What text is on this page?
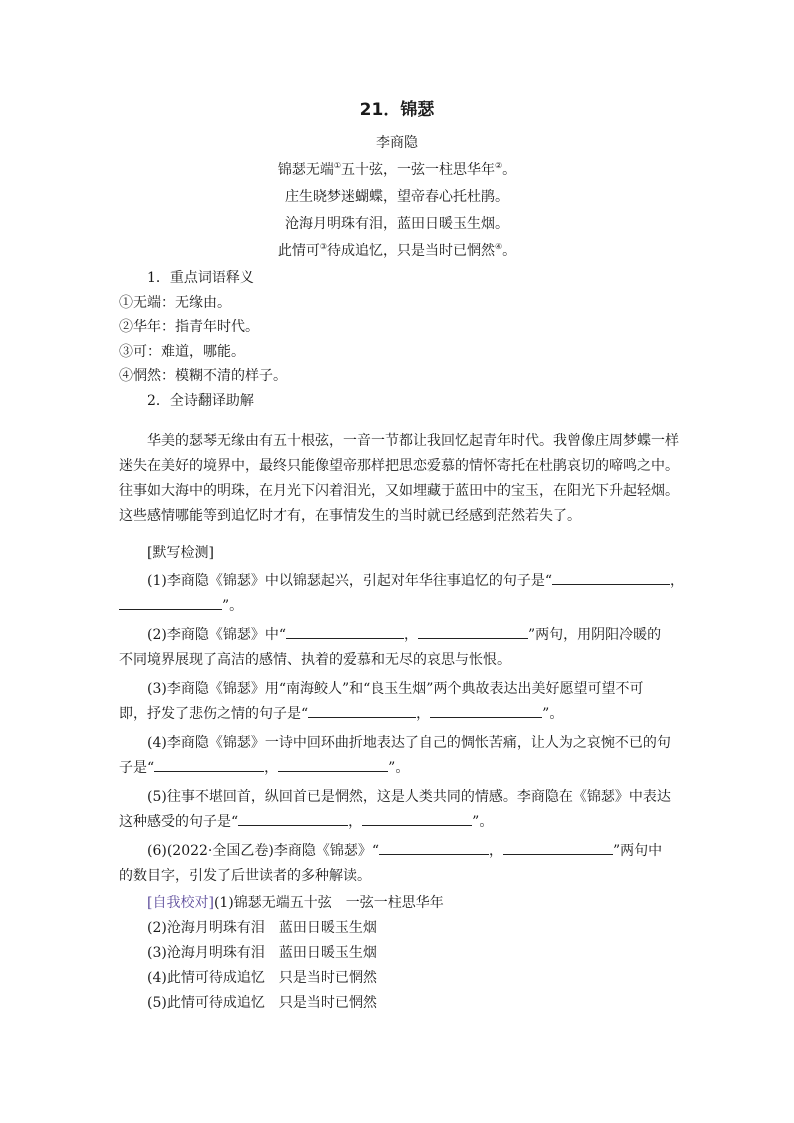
21．锦瑟
李商隐
锦瑟无端①五十弦，一弦一柱思华年②。
庄生晓梦迷蝴蝶，望帝春心托杜鹃。
沧海月明珠有泪，蓝田日暖玉生烟。
此情可③待成追忆，只是当时已惘然④。
1．重点词语释义
①无端：无缘由。
②华年：指青年时代。
③可：难道，哪能。
④惘然：模糊不清的样子。
2．全诗翻译助解
华美的瑟琴无缘由有五十根弦，一音一节都让我回忆起青年时代。我曾像庄周梦蝶一样
迷失在美好的境界中，最终只能像望帝那样把思恋爱慕的情怀寄托在杜鹃哀切的啼鸣之中。
往事如大海中的明珠，在月光下闪着泪光，又如埋藏于蓝田中的宝玉，在阳光下升起轻烟。
这些感情哪能等到追忆时才有，在事情发生的当时就已经感到茫然若失了。
[默写检测]
(1)李商隐《锦瑟》中以锦瑟起兴，引起对年华往事追忆的句子是“	，
”。
(2)李商隐《锦瑟》中“	，	”两句，用阴阳冷暖的
不同境界展现了高洁的感情、执着的爱慕和无尽的哀思与怅恨。
(3)李商隐《锦瑟》用“南海鲛人”和“良玉生烟”两个典故表达出美好愿望可望不可
即，抒发了悲伤之情的句子是“	，	”。
(4)李商隐《锦瑟》一诗中回环曲折地表达了自己的惆怅苦痛，让人为之哀惋不已的句
子是“	，	”。
(5)往事不堪回首，纵回首已是惘然，这是人类共同的情感。李商隐在《锦瑟》中表达
这种感受的句子是“	，	”。
(6)(2022·全国乙卷)李商隐《锦瑟》“	，	”两句中
的数目字，引发了后世读者的多种解读。
[自我校对](1)锦瑟无端五十弦　一弦一柱思华年
(2)沧海月明珠有泪　蓝田日暖玉生烟
(3)沧海月明珠有泪　蓝田日暖玉生烟
(4)此情可待成追忆　只是当时已惘然
(5)此情可待成追忆　只是当时已惘然
